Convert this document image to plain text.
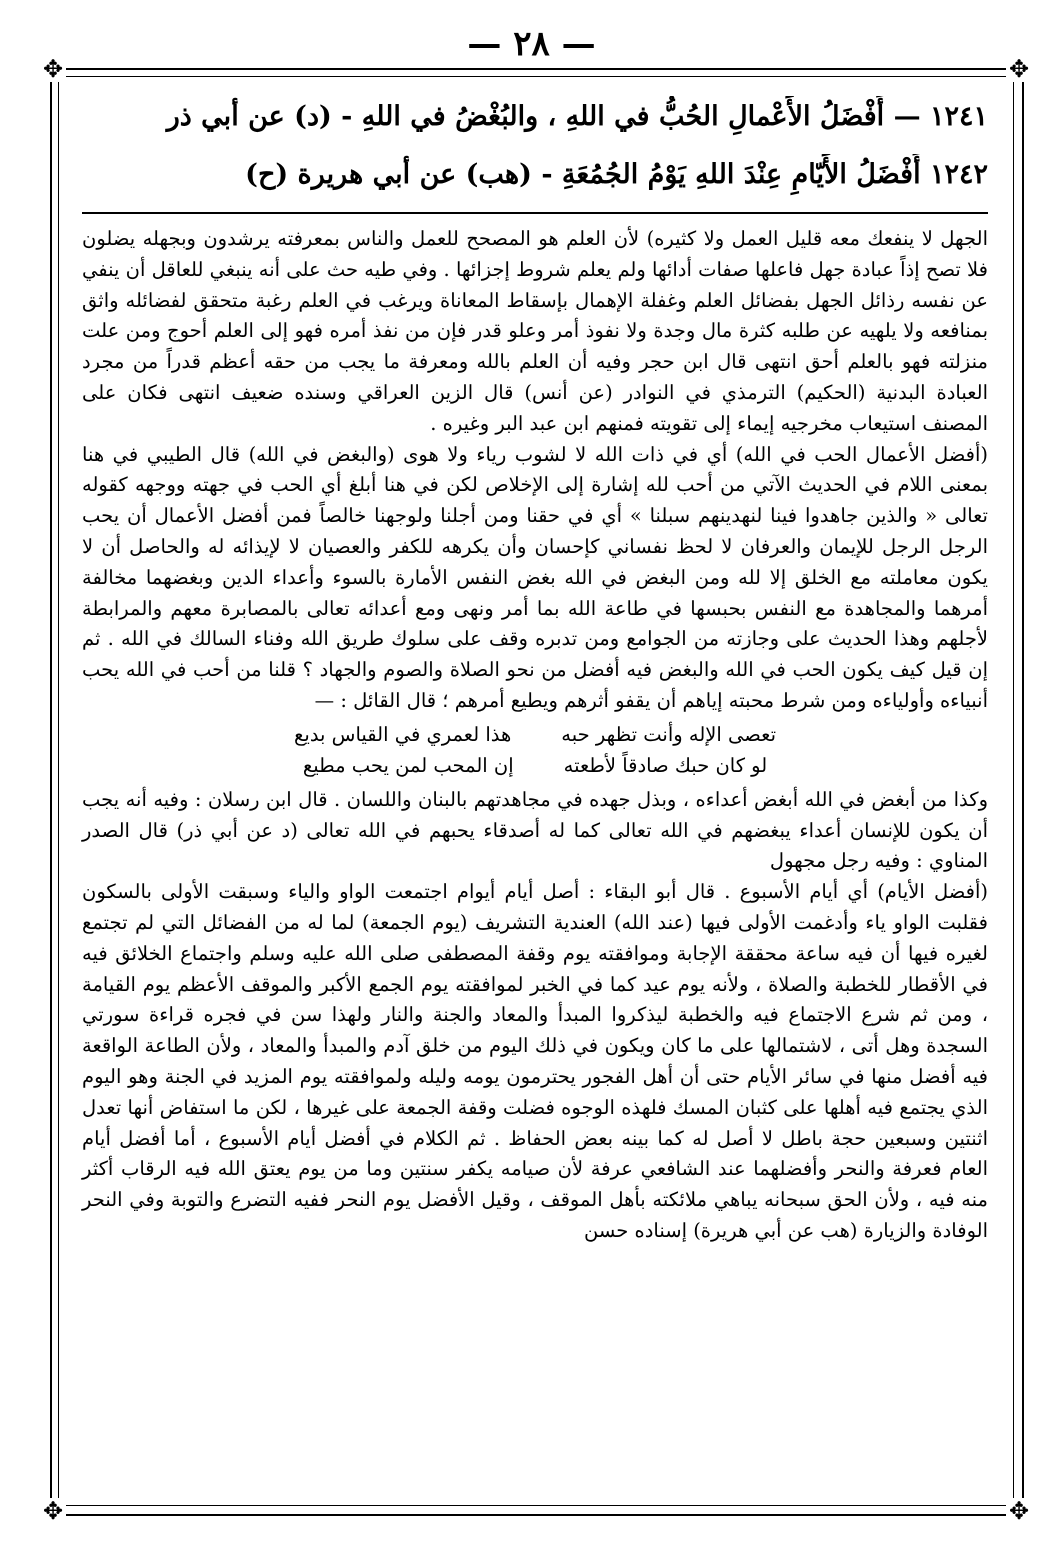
— ٢٨ —
✥	✥
✥	✥
١٢٤١ — أَفْضَلُ الأَعْمالِ الحُبُّ في اللهِ ، والبُغْضُ في اللهِ - (د) عن أبي ذر
١٢٤٢ أَفْضَلُ الأَيّامِ عِنْدَ اللهِ يَوْمُ الجُمُعَةِ - (هب) عن أبي هريرة (ح)

الجهل لا ينفعك معه قليل العمل ولا كثيره) لأن العلم هو المصحح للعمل والناس بمعرفته يرشدون وبجهله يضلون فلا تصح إذاً عبادة جهل فاعلها صفات أدائها ولم يعلم شروط إجزائها . وفي طيه حث على أنه ينبغي للعاقل أن ينفي عن نفسه رذائل الجهل بفضائل العلم وغفلة الإهمال بإسقاط المعاناة ويرغب في العلم رغبة متحقق لفضائله واثق بمنافعه ولا يلهيه عن طلبه كثرة مال وجدة ولا نفوذ أمر وعلو قدر فإن من نفذ أمره فهو إلى العلم أحوج ومن علت منزلته فهو بالعلم أحق انتهى قال ابن حجر وفيه أن العلم بالله ومعرفة ما يجب من حقه أعظم قدراً من مجرد العبادة البدنية (الحكيم) الترمذي في النوادر (عن أنس) قال الزين العراقي وسنده ضعيف انتهى فكان على المصنف استيعاب مخرجيه إيماء إلى تقويته فمنهم ابن عبد البر وغيره .

(أفضل الأعمال الحب في الله) أي في ذات الله لا لشوب رياء ولا هوى (والبغض في الله) قال الطيبي في هنا بمعنى اللام في الحديث الآتي من أحب لله إشارة إلى الإخلاص لكن في هنا أبلغ أي الحب في جهته ووجهه كقوله تعالى « والذين جاهدوا فينا لنهدينهم سبلنا » أي في حقنا ومن أجلنا ولوجهنا خالصاً فمن أفضل الأعمال أن يحب الرجل الرجل للإيمان والعرفان لا لحظ نفساني كإحسان وأن يكرهه للكفر والعصيان لا لإيذائه له والحاصل أن لا يكون معاملته مع الخلق إلا لله ومن البغض في الله بغض النفس الأمارة بالسوء وأعداء الدين وبغضهما مخالفة أمرهما والمجاهدة مع النفس بحبسها في طاعة الله بما أمر ونهى ومع أعدائه تعالى بالمصابرة معهم والمرابطة لأجلهم وهذا الحديث على وجازته من الجوامع ومن تدبره وقف على سلوك طريق الله وفناء السالك في الله . ثم إن قيل كيف يكون الحب في الله والبغض فيه أفضل من نحو الصلاة والصوم والجهاد ؟ قلنا من أحب في الله يحب أنبياءه وأولياءه ومن شرط محبته إياهم أن يقفو أثرهم ويطيع أمرهم ؛ قال القائل : —

تعصى الإله وأنت تظهر حبه
هذا لعمري في القياس بديع
لو كان حبك صادقاً لأطعته
إن المحب لمن يحب مطيع

وكذا من أبغض في الله أبغض أعداءه ، وبذل جهده في مجاهدتهم بالبنان واللسان . قال ابن رسلان : وفيه أنه يجب أن يكون للإنسان أعداء يبغضهم في الله تعالى كما له أصدقاء يحبهم في الله تعالى (د عن أبي ذر) قال الصدر المناوي : وفيه رجل مجهول

(أفضل الأيام) أي أيام الأسبوع . قال أبو البقاء : أصل أيام أيوام اجتمعت الواو والياء وسبقت الأولى بالسكون فقلبت الواو ياء وأدغمت الأولى فيها (عند الله) العندية التشريف (يوم الجمعة) لما له من الفضائل التي لم تجتمع لغيره فيها أن فيه ساعة محققة الإجابة وموافقته يوم وقفة المصطفى صلى الله عليه وسلم واجتماع الخلائق فيه في الأقطار للخطبة والصلاة ، ولأنه يوم عيد كما في الخبر لموافقته يوم الجمع الأكبر والموقف الأعظم يوم القيامة ، ومن ثم شرع الاجتماع فيه والخطبة ليذكروا المبدأ والمعاد والجنة والنار ولهذا سن في فجره قراءة سورتي السجدة وهل أتى ، لاشتمالها على ما كان ويكون في ذلك اليوم من خلق آدم والمبدأ والمعاد ، ولأن الطاعة الواقعة فيه أفضل منها في سائر الأيام حتى أن أهل الفجور يحترمون يومه وليله ولموافقته يوم المزيد في الجنة وهو اليوم الذي يجتمع فيه أهلها على كثبان المسك فلهذه الوجوه فضلت وقفة الجمعة على غيرها ، لكن ما استفاض أنها تعدل اثنتين وسبعين حجة باطل لا أصل له كما بينه بعض الحفاظ . ثم الكلام في أفضل أيام الأسبوع ، أما أفضل أيام العام فعرفة والنحر وأفضلهما عند الشافعي عرفة لأن صيامه يكفر سنتين وما من يوم يعتق الله فيه الرقاب أكثر منه فيه ، ولأن الحق سبحانه يباهي ملائكته بأهل الموقف ، وقيل الأفضل يوم النحر ففيه التضرع والتوبة وفي النحر الوفادة والزيارة (هب عن أبي هريرة) إسناده حسن
